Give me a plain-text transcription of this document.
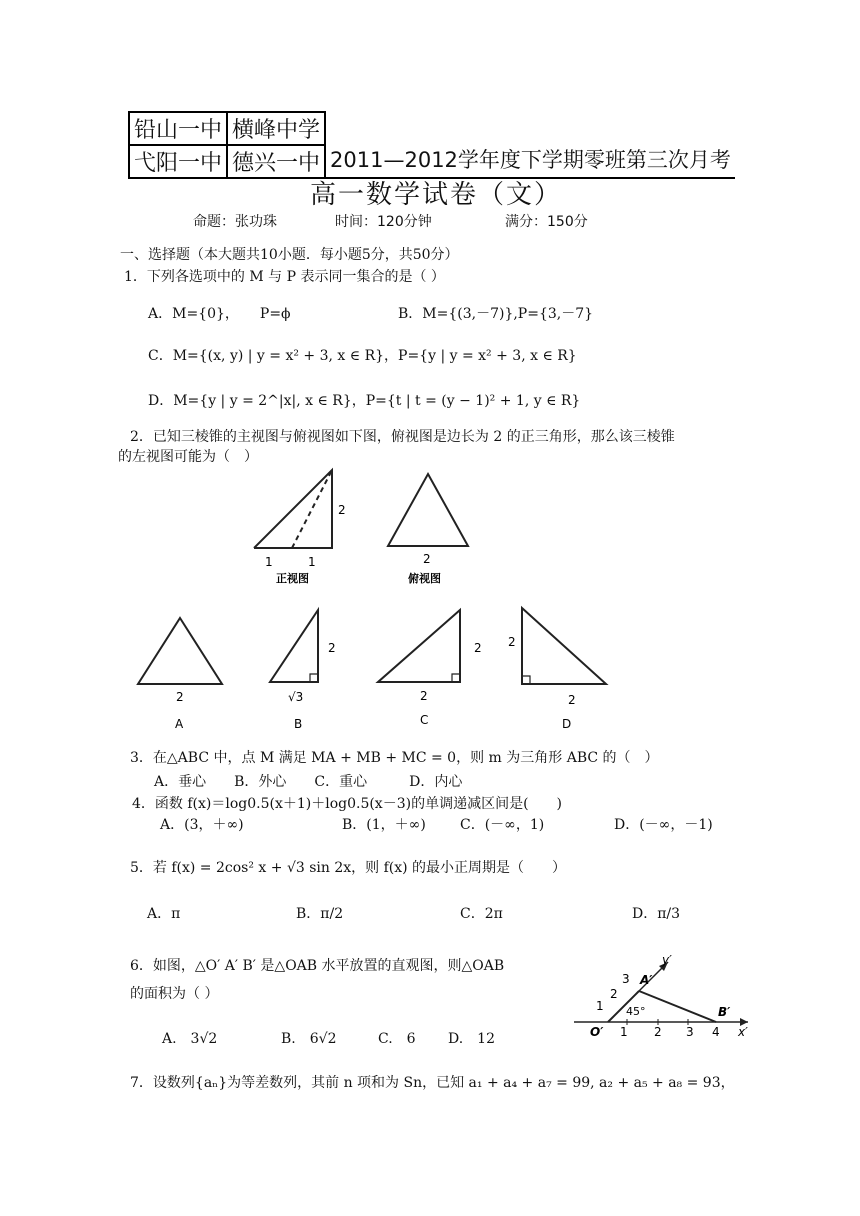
铅山一中	横峰中学	2011—2012学年度下学期零班第三次月考
弋阳一中	德兴一中	
高一数学试卷（文）
命题：张功珠	时间：120分钟	满分：150分
一、选择题（本大题共10小题．每小题5分，共50分）
1．下列各选项中的 M 与 P 表示同一集合的是（ ）
A．M={0}，　　P=ϕ	B．M={(3,－7)},P={3,－7}
C．M={(x, y) | y = x² + 3, x ∈ R}，P={y | y = x² + 3, x ∈ R}
D．M={y | y = 2^|x|, x ∈ R}，P={t | t = (y − 1)² + 1, y ∈ R}
2．已知三棱锥的主视图与俯视图如下图，俯视图是边长为 2 的正三角形，那么该三棱锥
的左视图可能为（　）
2
1	1
正视图
2
俯视图
2
A
2
√3
B
2
2
C
2
2
D
3．在△ABC 中，点 M 满足 MA + MB + MC = 0，则 m 为三角形 ABC 的（　）
A．垂心　　B．外心　　C．重心　　　D．内心
4．函数 f(x)＝log0.5(x＋1)＋log0.5(x－3)的单调递减区间是(　　)
A．(3，＋∞)	B．(1，＋∞) C．(－∞，1)	D．(－∞，－1)
5．若 f(x) = 2cos² x + √3 sin 2x，则 f(x) 的最小正周期是（　　）
A．π	B．π/2	C．2π	D．π/3
6．如图，△O′ A′ B′ 是△OAB 水平放置的直观图，则△OAB
的面积为（ ）
A.　3√2	B.　6√2	C.　6 D.　12	1 2 3 4
1
2
3
45°
O′
A′
B′
x′
y′
7．设数列{aₙ}为等差数列，其前 n 项和为 Sn，已知 a₁ + a₄ + a₇ = 99, a₂ + a₅ + a₈ = 93，
